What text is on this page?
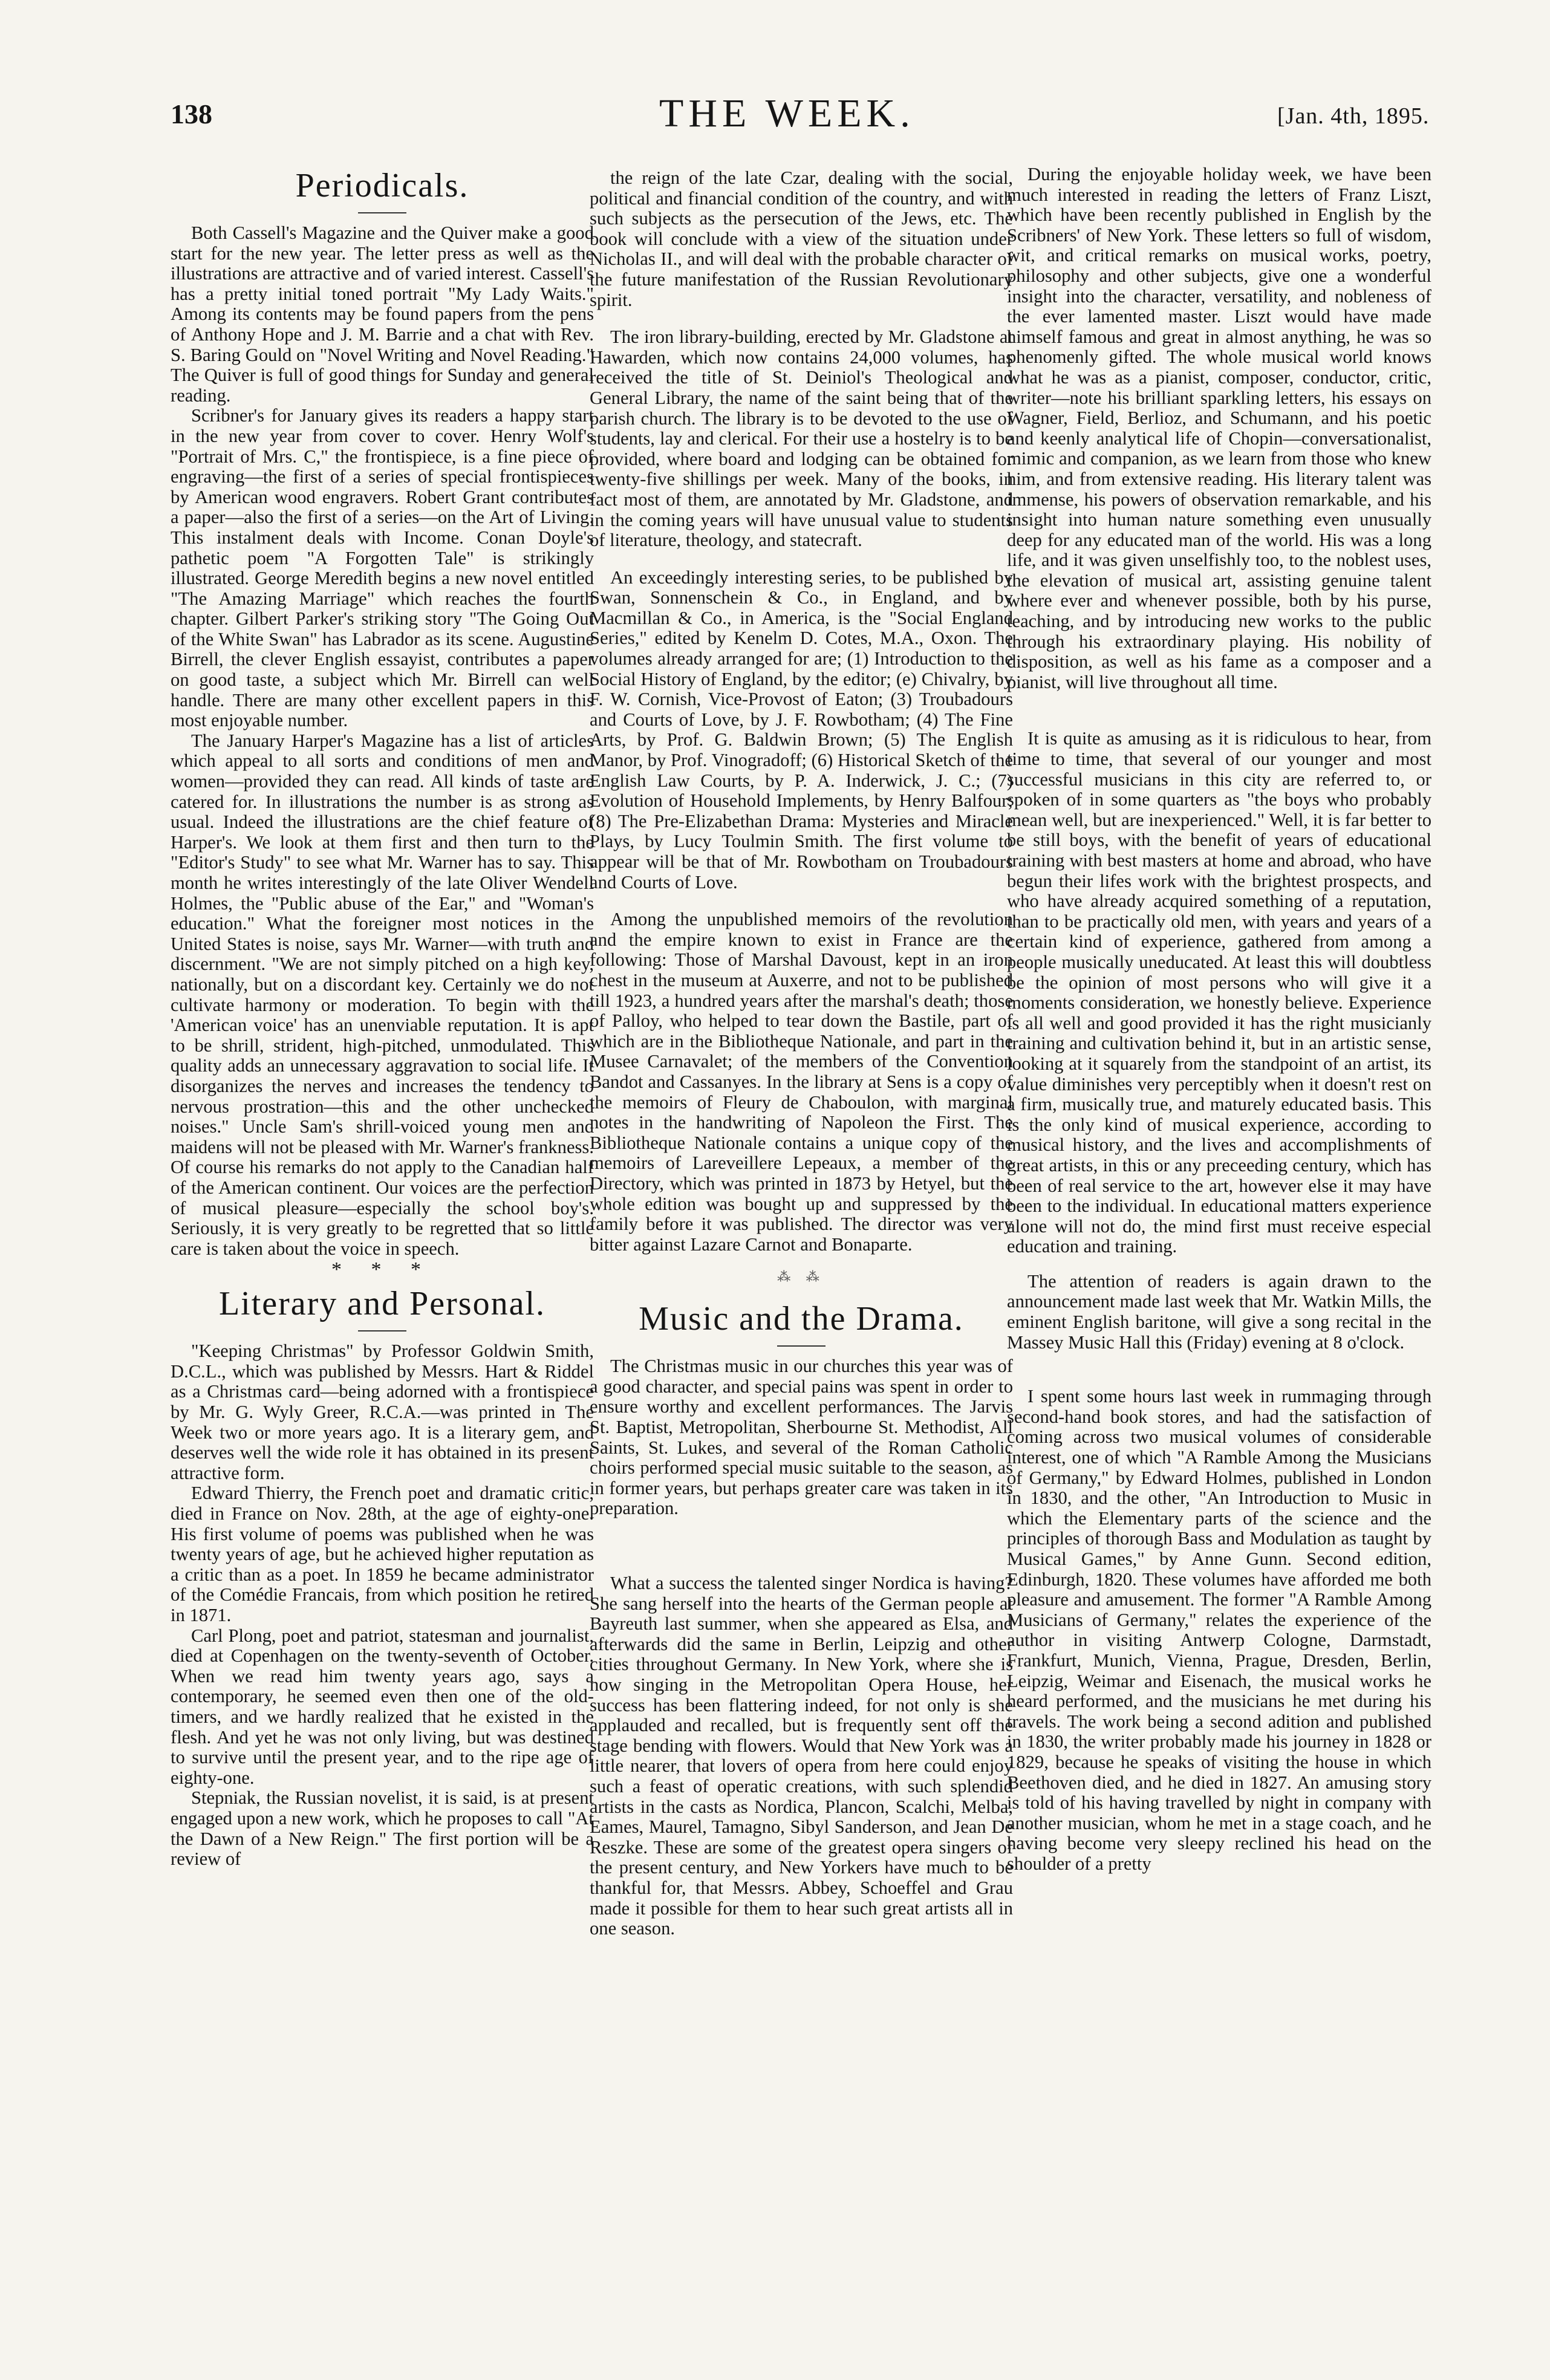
138	THE WEEK.	[Jan. 4th, 1895.
Periodicals.

Both Cassell's Magazine and the Quiver make a good start for the new year. The letter press as well as the illustrations are attractive and of varied interest. Cassell's has a pretty initial toned portrait "My Lady Waits." Among its contents may be found papers from the pens of Anthony Hope and J. M. Barrie and a chat with Rev. S. Baring Gould on "Novel Writing and Novel Reading." The Quiver is full of good things for Sunday and general reading.

Scribner's for January gives its readers a happy start in the new year from cover to cover. Henry Wolf's "Portrait of Mrs. C," the frontispiece, is a fine piece of engraving—the first of a series of special frontispieces by American wood engravers. Robert Grant contributes a paper—also the first of a series—on the Art of Living. This instalment deals with Income. Conan Doyle's pathetic poem "A Forgotten Tale" is strikingly illustrated. George Meredith begins a new novel entitled "The Amazing Marriage" which reaches the fourth chapter. Gilbert Parker's striking story "The Going Out of the White Swan" has Labrador as its scene. Augustine Birrell, the clever English essayist, contributes a paper on good taste, a subject which Mr. Birrell can well handle. There are many other excellent papers in this most enjoyable number.

The January Harper's Magazine has a list of articles which appeal to all sorts and conditions of men and women—provided they can read. All kinds of taste are catered for. In illustrations the number is as strong as usual. Indeed the illustrations are the chief feature of Harper's. We look at them first and then turn to the "Editor's Study" to see what Mr. Warner has to say. This month he writes interestingly of the late Oliver Wendell Holmes, the "Public abuse of the Ear," and "Woman's education." What the foreigner most notices in the United States is noise, says Mr. Warner—with truth and discernment. "We are not simply pitched on a high key, nationally, but on a discordant key. Certainly we do not cultivate harmony or moderation. To begin with the 'American voice' has an unenviable reputation. It is apt to be shrill, strident, high-pitched, unmodulated. This quality adds an unnecessary aggravation to social life. It disorganizes the nerves and increases the tendency to nervous prostration—this and the other unchecked noises." Uncle Sam's shrill-voiced young men and maidens will not be pleased with Mr. Warner's frankness. Of course his remarks do not apply to the Canadian half of the American continent. Our voices are the perfection of musical pleasure—especially the school boy's. Seriously, it is very greatly to be regretted that so little care is taken about the voice in speech.

* * *
Literary and Personal.

"Keeping Christmas" by Professor Goldwin Smith, D.C.L., which was published by Messrs. Hart & Riddel as a Christmas card—being adorned with a frontispiece by Mr. G. Wyly Greer, R.C.A.—was printed in The Week two or more years ago. It is a literary gem, and deserves well the wide role it has obtained in its present attractive form.

Edward Thierry, the French poet and dramatic critic, died in France on Nov. 28th, at the age of eighty-one. His first volume of poems was published when he was twenty years of age, but he achieved higher reputation as a critic than as a poet. In 1859 he became administrator of the Comédie Francais, from which position he retired in 1871.

Carl Plong, poet and patriot, statesman and journalist, died at Copenhagen on the twenty-seventh of October. When we read him twenty years ago, says a contemporary, he seemed even then one of the old-timers, and we hardly realized that he existed in the flesh. And yet he was not only living, but was destined to survive until the present year, and to the ripe age of eighty-one.

Stepniak, the Russian novelist, it is said, is at present engaged upon a new work, which he proposes to call "At the Dawn of a New Reign." The first portion will be a review of

the reign of the late Czar, dealing with the social, political and financial condition of the country, and with such subjects as the persecution of the Jews, etc. The book will conclude with a view of the situation under Nicholas II., and will deal with the probable character of the future manifestation of the Russian Revolutionary spirit.

The iron library-building, erected by Mr. Gladstone at Hawarden, which now contains 24,000 volumes, has received the title of St. Deiniol's Theological and General Library, the name of the saint being that of the parish church. The library is to be devoted to the use of students, lay and clerical. For their use a hostelry is to be provided, where board and lodging can be obtained for twenty-five shillings per week. Many of the books, in fact most of them, are annotated by Mr. Gladstone, and in the coming years will have unusual value to students of literature, theology, and statecraft.

An exceedingly interesting series, to be published by Swan, Sonnenschein & Co., in England, and by Macmillan & Co., in America, is the "Social England Series," edited by Kenelm D. Cotes, M.A., Oxon. The volumes already arranged for are; (1) Introduction to the Social History of England, by the editor; (e) Chivalry, by F. W. Cornish, Vice-Provost of Eaton; (3) Troubadours and Courts of Love, by J. F. Rowbotham; (4) The Fine Arts, by Prof. G. Baldwin Brown; (5) The English Manor, by Prof. Vinogradoff; (6) Historical Sketch of the English Law Courts, by P. A. Inderwick, J. C.; (7) Evolution of Household Implements, by Henry Balfour; (8) The Pre-Elizabethan Drama: Mysteries and Miracle Plays, by Lucy Toulmin Smith. The first volume to appear will be that of Mr. Rowbotham on Troubadours and Courts of Love.

Among the unpublished memoirs of the revolution and the empire known to exist in France are the following: Those of Marshal Davoust, kept in an iron chest in the museum at Auxerre, and not to be published till 1923, a hundred years after the marshal's death; those of Palloy, who helped to tear down the Bastile, part of which are in the Bibliotheque Nationale, and part in the Musee Carnavalet; of the members of the Convention Bandot and Cassanyes. In the library at Sens is a copy of the memoirs of Fleury de Chaboulon, with marginal notes in the handwriting of Napoleon the First. The Bibliotheque Nationale contains a unique copy of the memoirs of Lareveillere Lepeaux, a member of the Directory, which was printed in 1873 by Hetyel, but the whole edition was bought up and suppressed by the family before it was published. The director was very bitter against Lazare Carnot and Bonaparte.

⁂ ⁂
Music and the Drama.

The Christmas music in our churches this year was of a good character, and special pains was spent in order to ensure worthy and excellent performances. The Jarvis St. Baptist, Metropolitan, Sherbourne St. Methodist, All Saints, St. Lukes, and several of the Roman Catholic choirs performed special music suitable to the season, as in former years, but perhaps greater care was taken in its preparation.

What a success the talented singer Nordica is having? She sang herself into the hearts of the German people at Bayreuth last summer, when she appeared as Elsa, and afterwards did the same in Berlin, Leipzig and other cities throughout Germany. In New York, where she is now singing in the Metropolitan Opera House, her success has been flattering indeed, for not only is she applauded and recalled, but is frequently sent off the stage bending with flowers. Would that New York was a little nearer, that lovers of opera from here could enjoy such a feast of operatic creations, with such splendid artists in the casts as Nordica, Plancon, Scalchi, Melba, Eames, Maurel, Tamagno, Sibyl Sanderson, and Jean De Reszke. These are some of the greatest opera singers of the present century, and New Yorkers have much to be thankful for, that Messrs. Abbey, Schoeffel and Grau made it possible for them to hear such great artists all in one season.

During the enjoyable holiday week, we have been much interested in reading the letters of Franz Liszt, which have been recently published in English by the Scribners' of New York. These letters so full of wisdom, wit, and critical remarks on musical works, poetry, philosophy and other subjects, give one a wonderful insight into the character, versatility, and nobleness of the ever lamented master. Liszt would have made himself famous and great in almost anything, he was so phenomenly gifted. The whole musical world knows what he was as a pianist, composer, conductor, critic, writer—note his brilliant sparkling letters, his essays on Wagner, Field, Berlioz, and Schumann, and his poetic and keenly analytical life of Chopin—conversationalist, mimic and companion, as we learn from those who knew him, and from extensive reading. His literary talent was immense, his powers of observation remarkable, and his insight into human nature something even unusually deep for any educated man of the world. His was a long life, and it was given unselfishly too, to the noblest uses, the elevation of musical art, assisting genuine talent where ever and whenever possible, both by his purse, teaching, and by introducing new works to the public through his extraordinary playing. His nobility of disposition, as well as his fame as a composer and a pianist, will live throughout all time.

It is quite as amusing as it is ridiculous to hear, from time to time, that several of our younger and most successful musicians in this city are referred to, or spoken of in some quarters as "the boys who probably mean well, but are inexperienced." Well, it is far better to be still boys, with the benefit of years of educational training with best masters at home and abroad, who have begun their lifes work with the brightest prospects, and who have already acquired something of a reputation, than to be practically old men, with years and years of a certain kind of experience, gathered from among a people musically uneducated. At least this will doubtless be the opinion of most persons who will give it a moments consideration, we honestly believe. Experience is all well and good provided it has the right musicianly training and cultivation behind it, but in an artistic sense, looking at it squarely from the standpoint of an artist, its value diminishes very perceptibly when it doesn't rest on a firm, musically true, and maturely educated basis. This is the only kind of musical experience, according to musical history, and the lives and accomplishments of great artists, in this or any preceeding century, which has been of real service to the art, however else it may have been to the individual. In educational matters experience alone will not do, the mind first must receive especial education and training.

The attention of readers is again drawn to the announcement made last week that Mr. Watkin Mills, the eminent English baritone, will give a song recital in the Massey Music Hall this (Friday) evening at 8 o'clock.

I spent some hours last week in rummaging through second-hand book stores, and had the satisfaction of coming across two musical volumes of considerable interest, one of which "A Ramble Among the Musicians of Germany," by Edward Holmes, published in London in 1830, and the other, "An Introduction to Music in which the Elementary parts of the science and the principles of thorough Bass and Modulation as taught by Musical Games," by Anne Gunn. Second edition, Edinburgh, 1820. These volumes have afforded me both pleasure and amusement. The former "A Ramble Among Musicians of Germany," relates the experience of the author in visiting Antwerp Cologne, Darmstadt, Frankfurt, Munich, Vienna, Prague, Dresden, Berlin, Leipzig, Weimar and Eisenach, the musical works he heard performed, and the musicians he met during his travels. The work being a second adition and published in 1830, the writer probably made his journey in 1828 or 1829, because he speaks of visiting the house in which Beethoven died, and he died in 1827. An amusing story is told of his having travelled by night in company with another musician, whom he met in a stage coach, and he having become very sleepy reclined his head on the shoulder of a pretty
